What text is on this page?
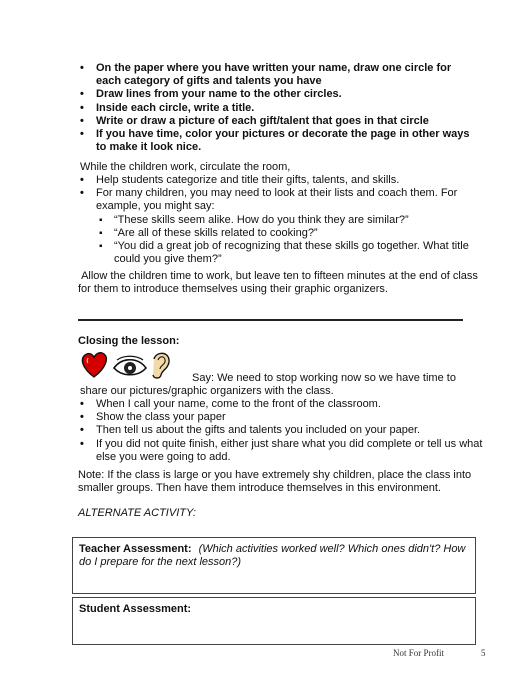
• On the paper where you have written your name, draw one circle for each category of gifts and talents you have
• Draw lines from your name to the other circles.
• Inside each circle, write a title.
• Write or draw a picture of each gift/talent that goes in that circle
• If you have time, color your pictures or decorate the page in other ways to make it look nice.
While the children work, circulate the room,
• Help students categorize and title their gifts, talents, and skills.
• For many children, you may need to look at their lists and coach them. For example, you might say:
▪ “These skills seem alike. How do you think they are similar?”
▪ “Are all of these skills related to cooking?”
▪ “You did a great job of recognizing that these skills go together. What title could you give them?”
Allow the children time to work, but leave ten to fifteen minutes at the end of class for them to introduce themselves using their graphic organizers.
Closing the lesson:
Say: We need to stop working now so we have time to share our pictures/graphic organizers with the class.
• When I call your name, come to the front of the classroom.
• Show the class your paper
• Then tell us about the gifts and talents you included on your paper.
• If you did not quite finish, either just share what you did complete or tell us what else you were going to add.
Note: If the class is large or you have extremely shy children, place the class into smaller groups. Then have them introduce themselves in this environment.
ALTERNATE ACTIVITY:
Teacher Assessment: (Which activities worked well? Which ones didn't? How do I prepare for the next lesson?)
Student Assessment:
Not For Profit	5
